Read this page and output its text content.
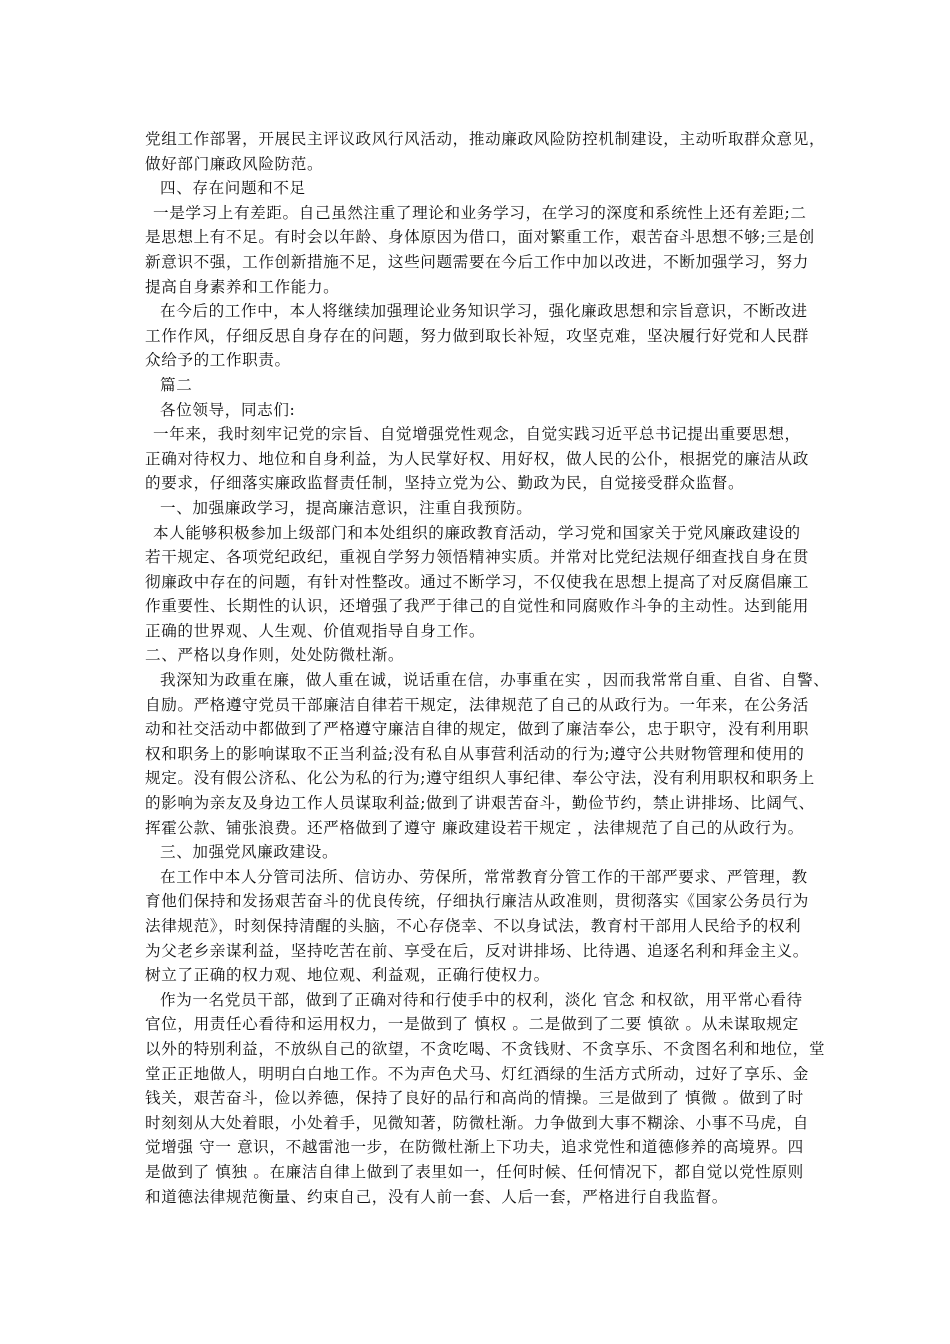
党组工作部署，开展民主评议政风行风活动，推动廉政风险防控机制建设，主动听取群众意见，
做好部门廉政风险防范。
四、存在问题和不足
一是学习上有差距。自己虽然注重了理论和业务学习，在学习的深度和系统性上还有差距;二
是思想上有不足。有时会以年龄、身体原因为借口，面对繁重工作，艰苦奋斗思想不够;三是创
新意识不强，工作创新措施不足，这些问题需要在今后工作中加以改进，不断加强学习，努力
提高自身素养和工作能力。
在今后的工作中，本人将继续加强理论业务知识学习，强化廉政思想和宗旨意识，不断改进
工作作风，仔细反思自身存在的问题，努力做到取长补短，攻坚克难，坚决履行好党和人民群
众给予的工作职责。
篇二
各位领导，同志们:
一年来，我时刻牢记党的宗旨、自觉增强党性观念，自觉实践习近平总书记提出重要思想，
正确对待权力、地位和自身利益，为人民掌好权、用好权，做人民的公仆，根据党的廉洁从政
的要求，仔细落实廉政监督责任制，坚持立党为公、勤政为民，自觉接受群众监督。
一、加强廉政学习，提高廉洁意识，注重自我预防。
本人能够积极参加上级部门和本处组织的廉政教育活动，学习党和国家关于党风廉政建设的
若干规定、各项党纪政纪，重视自学努力领悟精神实质。并常对比党纪法规仔细查找自身在贯
彻廉政中存在的问题，有针对性整改。通过不断学习，不仅使我在思想上提高了对反腐倡廉工
作重要性、长期性的认识，还增强了我严于律己的自觉性和同腐败作斗争的主动性。达到能用
正确的世界观、人生观、价值观指导自身工作。
二、严格以身作则，处处防微杜渐。
我深知为政重在廉，做人重在诚，说话重在信，办事重在实 ，因而我常常自重、自省、自警、
自励。严格遵守党员干部廉洁自律若干规定，法律规范了自己的从政行为。一年来，在公务活
动和社交活动中都做到了严格遵守廉洁自律的规定，做到了廉洁奉公，忠于职守，没有利用职
权和职务上的影响谋取不正当利益;没有私自从事营利活动的行为;遵守公共财物管理和使用的
规定。没有假公济私、化公为私的行为;遵守组织人事纪律、奉公守法，没有利用职权和职务上
的影响为亲友及身边工作人员谋取利益;做到了讲艰苦奋斗，勤俭节约，禁止讲排场、比阔气、
挥霍公款、铺张浪费。还严格做到了遵守 廉政建设若干规定 ，法律规范了自己的从政行为。
三、加强党风廉政建设。
在工作中本人分管司法所、信访办、劳保所，常常教育分管工作的干部严要求、严管理，教
育他们保持和发扬艰苦奋斗的优良传统，仔细执行廉洁从政准则，贯彻落实《国家公务员行为
法律规范》，时刻保持清醒的头脑，不心存侥幸、不以身试法，教育村干部用人民给予的权利
为父老乡亲谋利益，坚持吃苦在前、享受在后，反对讲排场、比待遇、追逐名利和拜金主义。
树立了正确的权力观、地位观、利益观，正确行使权力。
作为一名党员干部，做到了正确对待和行使手中的权利，淡化 官念 和权欲，用平常心看待
官位，用责任心看待和运用权力，一是做到了 慎权 。二是做到了二要 慎欲 。从未谋取规定
以外的特别利益，不放纵自己的欲望，不贪吃喝、不贪钱财、不贪享乐、不贪图名利和地位，堂
堂正正地做人，明明白白地工作。不为声色犬马、灯红酒绿的生活方式所动，过好了享乐、金
钱关，艰苦奋斗，俭以养德，保持了良好的品行和高尚的情操。三是做到了 慎微 。做到了时
时刻刻从大处着眼，小处着手，见微知著，防微杜渐。力争做到大事不糊涂、小事不马虎，自
觉增强 守一 意识，不越雷池一步，在防微杜渐上下功夫，追求党性和道德修养的高境界。四
是做到了 慎独 。在廉洁自律上做到了表里如一，任何时候、任何情况下，都自觉以党性原则
和道德法律规范衡量、约束自己，没有人前一套、人后一套，严格进行自我监督。
